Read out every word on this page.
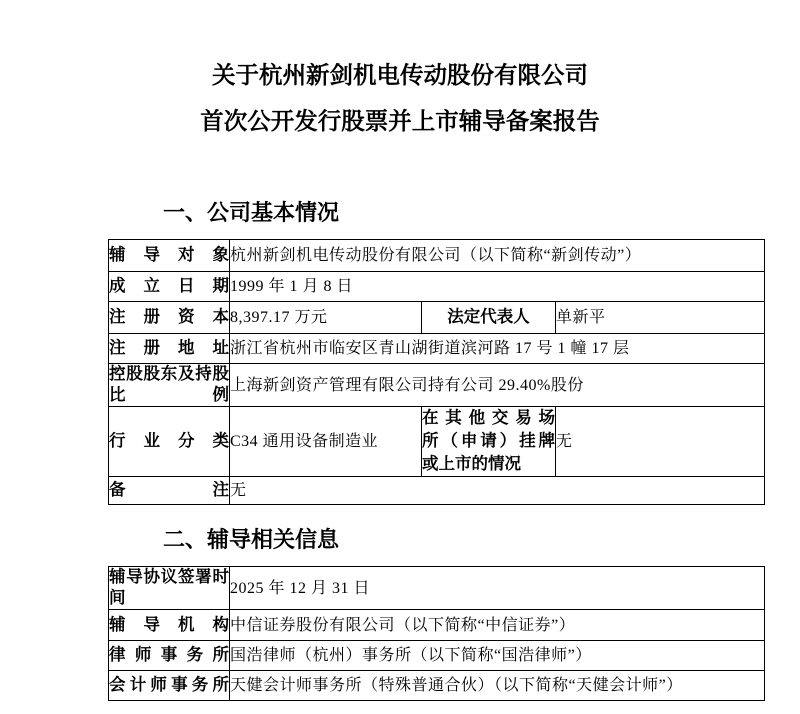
关于杭州新剑机电传动股份有限公司
首次公开发行股票并上市辅导备案报告
一、公司基本情况
辅导对象	杭州新剑机电传动股份有限公司（以下简称“新剑传动”）		
成立日期	1999 年 1 月 8 日		
注册资本	8,397.17 万元	法定代表人	单新平
注册地址	浙江省杭州市临安区青山湖街道滨河路 17 号 1 幢 17 层		
控股股东及持股比例	上海新剑资产管理有限公司持有公司 29.40%股份		
行业分类	C34 通用设备制造业	在其他交易场
所（申请）挂牌
或上市的情况	无
备注	无		
二、辅导相关信息
辅导协议签署时间	2025 年 12 月 31 日
辅导机构	中信证券股份有限公司（以下简称“中信证券”）
律师事务所	国浩律师（杭州）事务所（以下简称“国浩律师”）
会计师事务所	天健会计师事务所（特殊普通合伙）（以下简称“天健会计师”）
